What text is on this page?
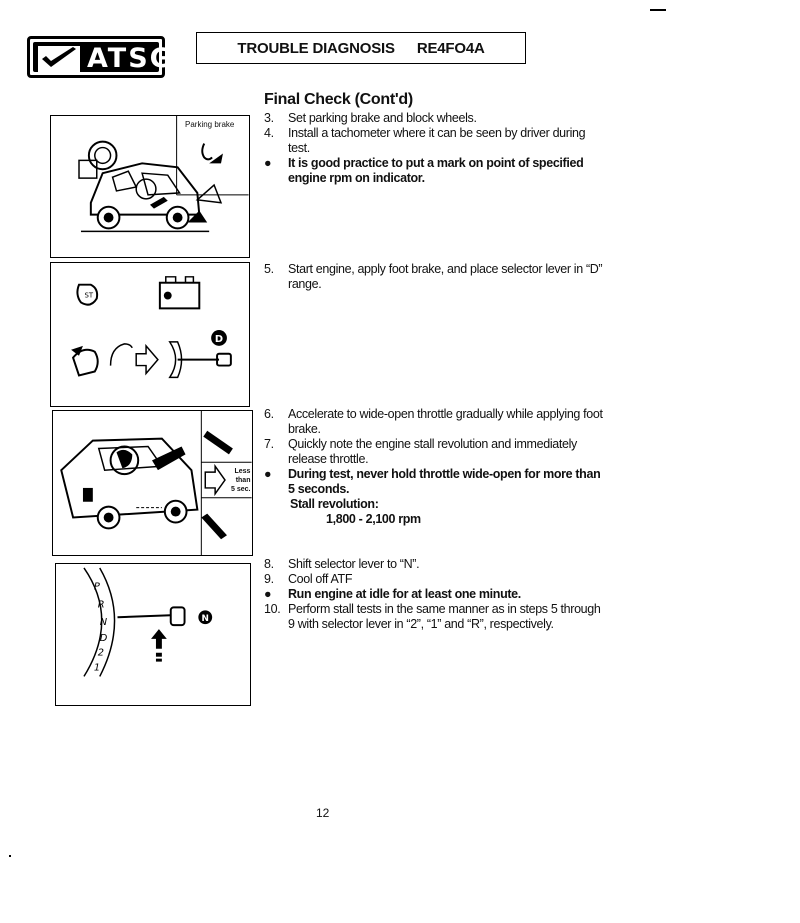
ATSG	TROUBLE DIAGNOSIS RE4FO4A
Final Check (Cont'd)
Parking brake
D
ST
Less
than
5 sec.
P
R
N
D
2
1
N
3.	Set parking brake and block wheels.
4.	Install a tachometer where it can be seen by driver during test.
●	It is good practice to put a mark on point of specified engine rpm on indicator.
5.	Start engine, apply foot brake, and place selector lever in “D” range.
6.	Accelerate to wide-open throttle gradually while applying foot brake.
7.	Quickly note the engine stall revolution and immediately release throttle.
●	During test, never hold throttle wide-open for more than 5 seconds.
Stall revolution:
1,800 - 2,100 rpm
8.	Shift selector lever to “N”.
9.	Cool off ATF
●	Run engine at idle for at least one minute.
10. Perform stall tests in the same manner as in steps 5 through 9 with selector lever in “2”, “1” and “R”, respectively.
12
